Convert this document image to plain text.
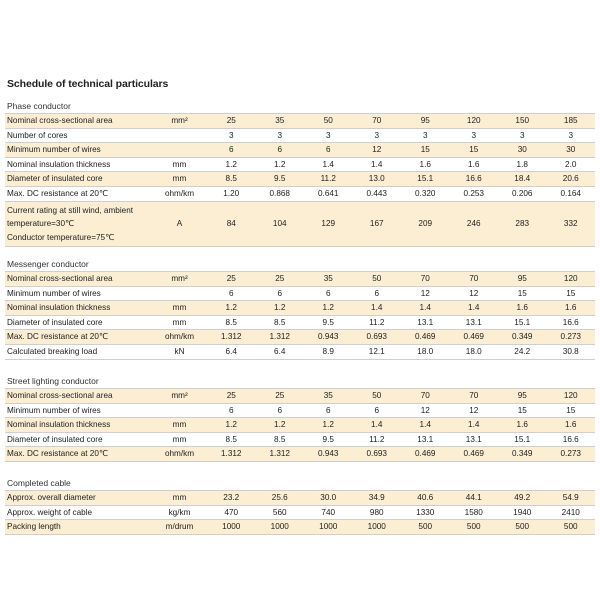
Schedule of technical particulars
Phase conductor
Nominal cross-sectional area	mm²	25	35	50	70	95	120	150	185

Number of cores		3	3	3	3	3	3	3	3

Minimum number of wires		6	6	6	12	15	15	30	30

Nominal insulation thickness	mm	1.2	1.2	1.4	1.4	1.6	1.6	1.8	2.0

Diameter of insulated core	mm	8.5	9.5	11.2	13.0	15.1	16.6	18.4	20.6

Max. DC resistance at 20℃	ohm/km	1.20	0.868	0.641	0.443	0.320	0.253	0.206	0.164

Current rating at still wind, ambient temperature=30℃
Conductor temperature=75℃	A	84	104	129	167	209	246	283	332
Messenger conductor
Nominal cross-sectional area	mm²	25	25	35	50	70	70	95	120

Minimum number of wires		6	6	6	6	12	12	15	15

Nominal insulation thickness	mm	1.2	1.2	1.2	1.4	1.4	1.4	1.6	1.6

Diameter of insulated core	mm	8.5	8.5	9.5	11.2	13.1	13.1	15.1	16.6

Max. DC resistance at 20℃	ohm/km	1.312	1.312	0.943	0.693	0.469	0.469	0.349	0.273

Calculated breaking load	kN	6.4	6.4	8.9	12.1	18.0	18.0	24.2	30.8
Street lighting conductor
Nominal cross-sectional area	mm²	25	25	35	50	70	70	95	120

Minimum number of wires		6	6	6	6	12	12	15	15

Nominal insulation thickness	mm	1.2	1.2	1.2	1.4	1.4	1.4	1.6	1.6

Diameter of insulated core	mm	8.5	8.5	9.5	11.2	13.1	13.1	15.1	16.6

Max. DC resistance at 20℃	ohm/km	1.312	1.312	0.943	0.693	0.469	0.469	0.349	0.273
Completed cable
Approx. overall diameter	mm	23.2	25.6	30.0	34.9	40.6	44.1	49.2	54.9

Approx. weight of cable	kg/km	470	560	740	980	1330	1580	1940	2410

Packing length	m/drum	1000	1000	1000	1000	500	500	500	500
